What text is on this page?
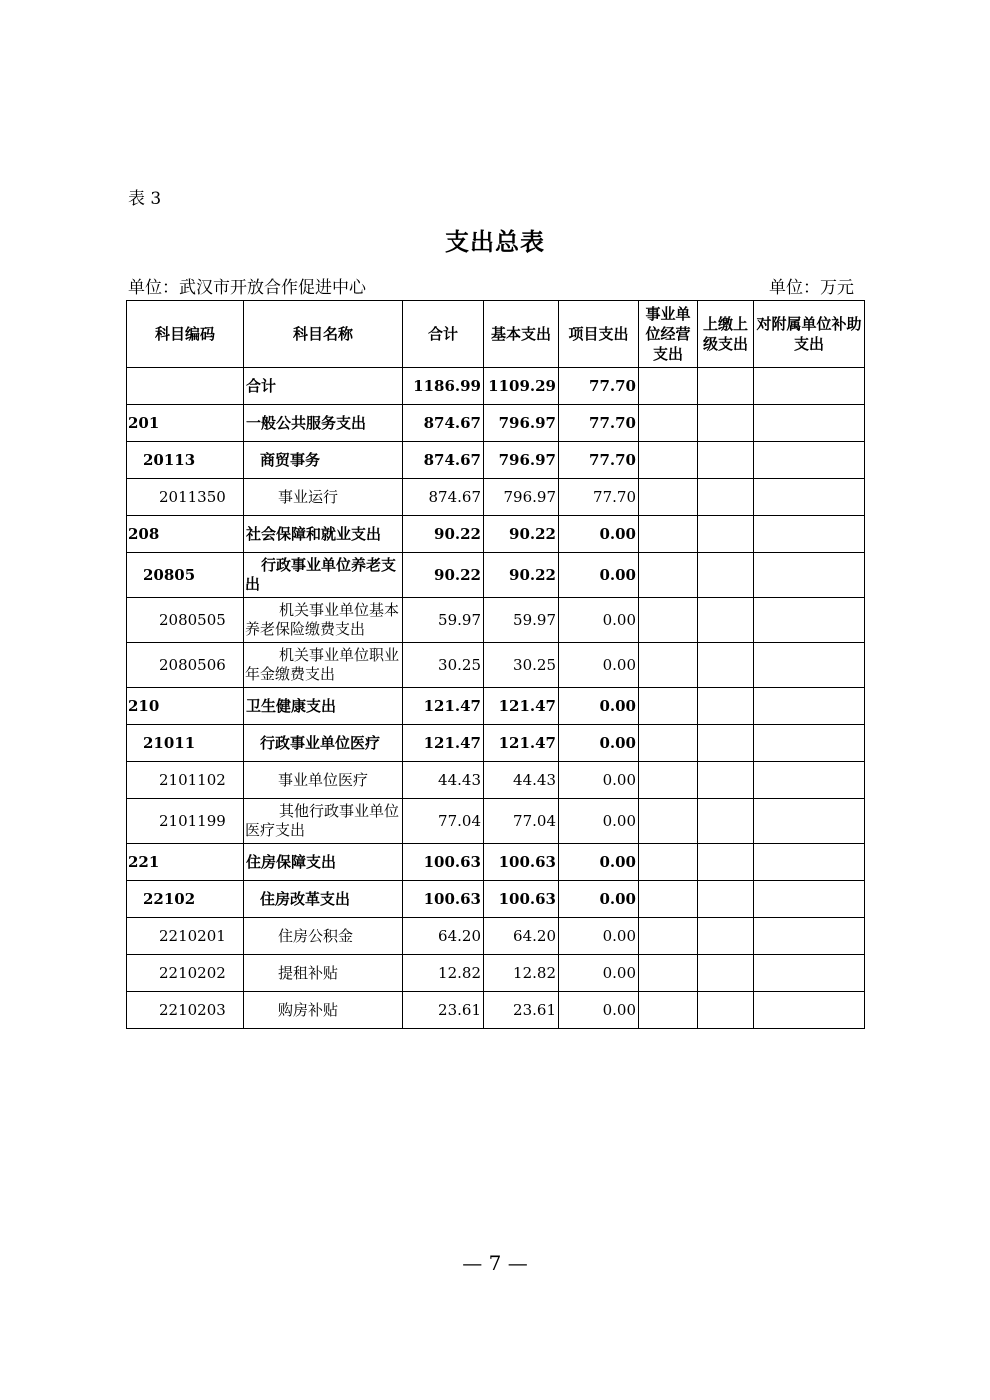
表 3
支出总表
单位：武汉市开放合作促进中心	单位：万元
科目编码	科目名称	合计	基本支出	项目支出	事业单位经营支出	上缴上级支出	对附属单位补助支出
	合计	1186.99	1109.29	77.70			
201	一般公共服务支出	874.67	796.97	77.70			
20113	商贸事务	874.67	796.97	77.70			
2011350	事业运行	874.67	796.97	77.70			
208	社会保障和就业支出	90.22	90.22	0.00			
20805	行政事业单位养老支出	90.22	90.22	0.00			
2080505	机关事业单位基本养老保险缴费支出	59.97	59.97	0.00			
2080506	机关事业单位职业年金缴费支出	30.25	30.25	0.00			
210	卫生健康支出	121.47	121.47	0.00			
21011	行政事业单位医疗	121.47	121.47	0.00			
2101102	事业单位医疗	44.43	44.43	0.00			
2101199	其他行政事业单位医疗支出	77.04	77.04	0.00			
221	住房保障支出	100.63	100.63	0.00			
22102	住房改革支出	100.63	100.63	0.00			
2210201	住房公积金	64.20	64.20	0.00			
2210202	提租补贴	12.82	12.82	0.00			
2210203	购房补贴	23.61	23.61	0.00			
— 7 —
